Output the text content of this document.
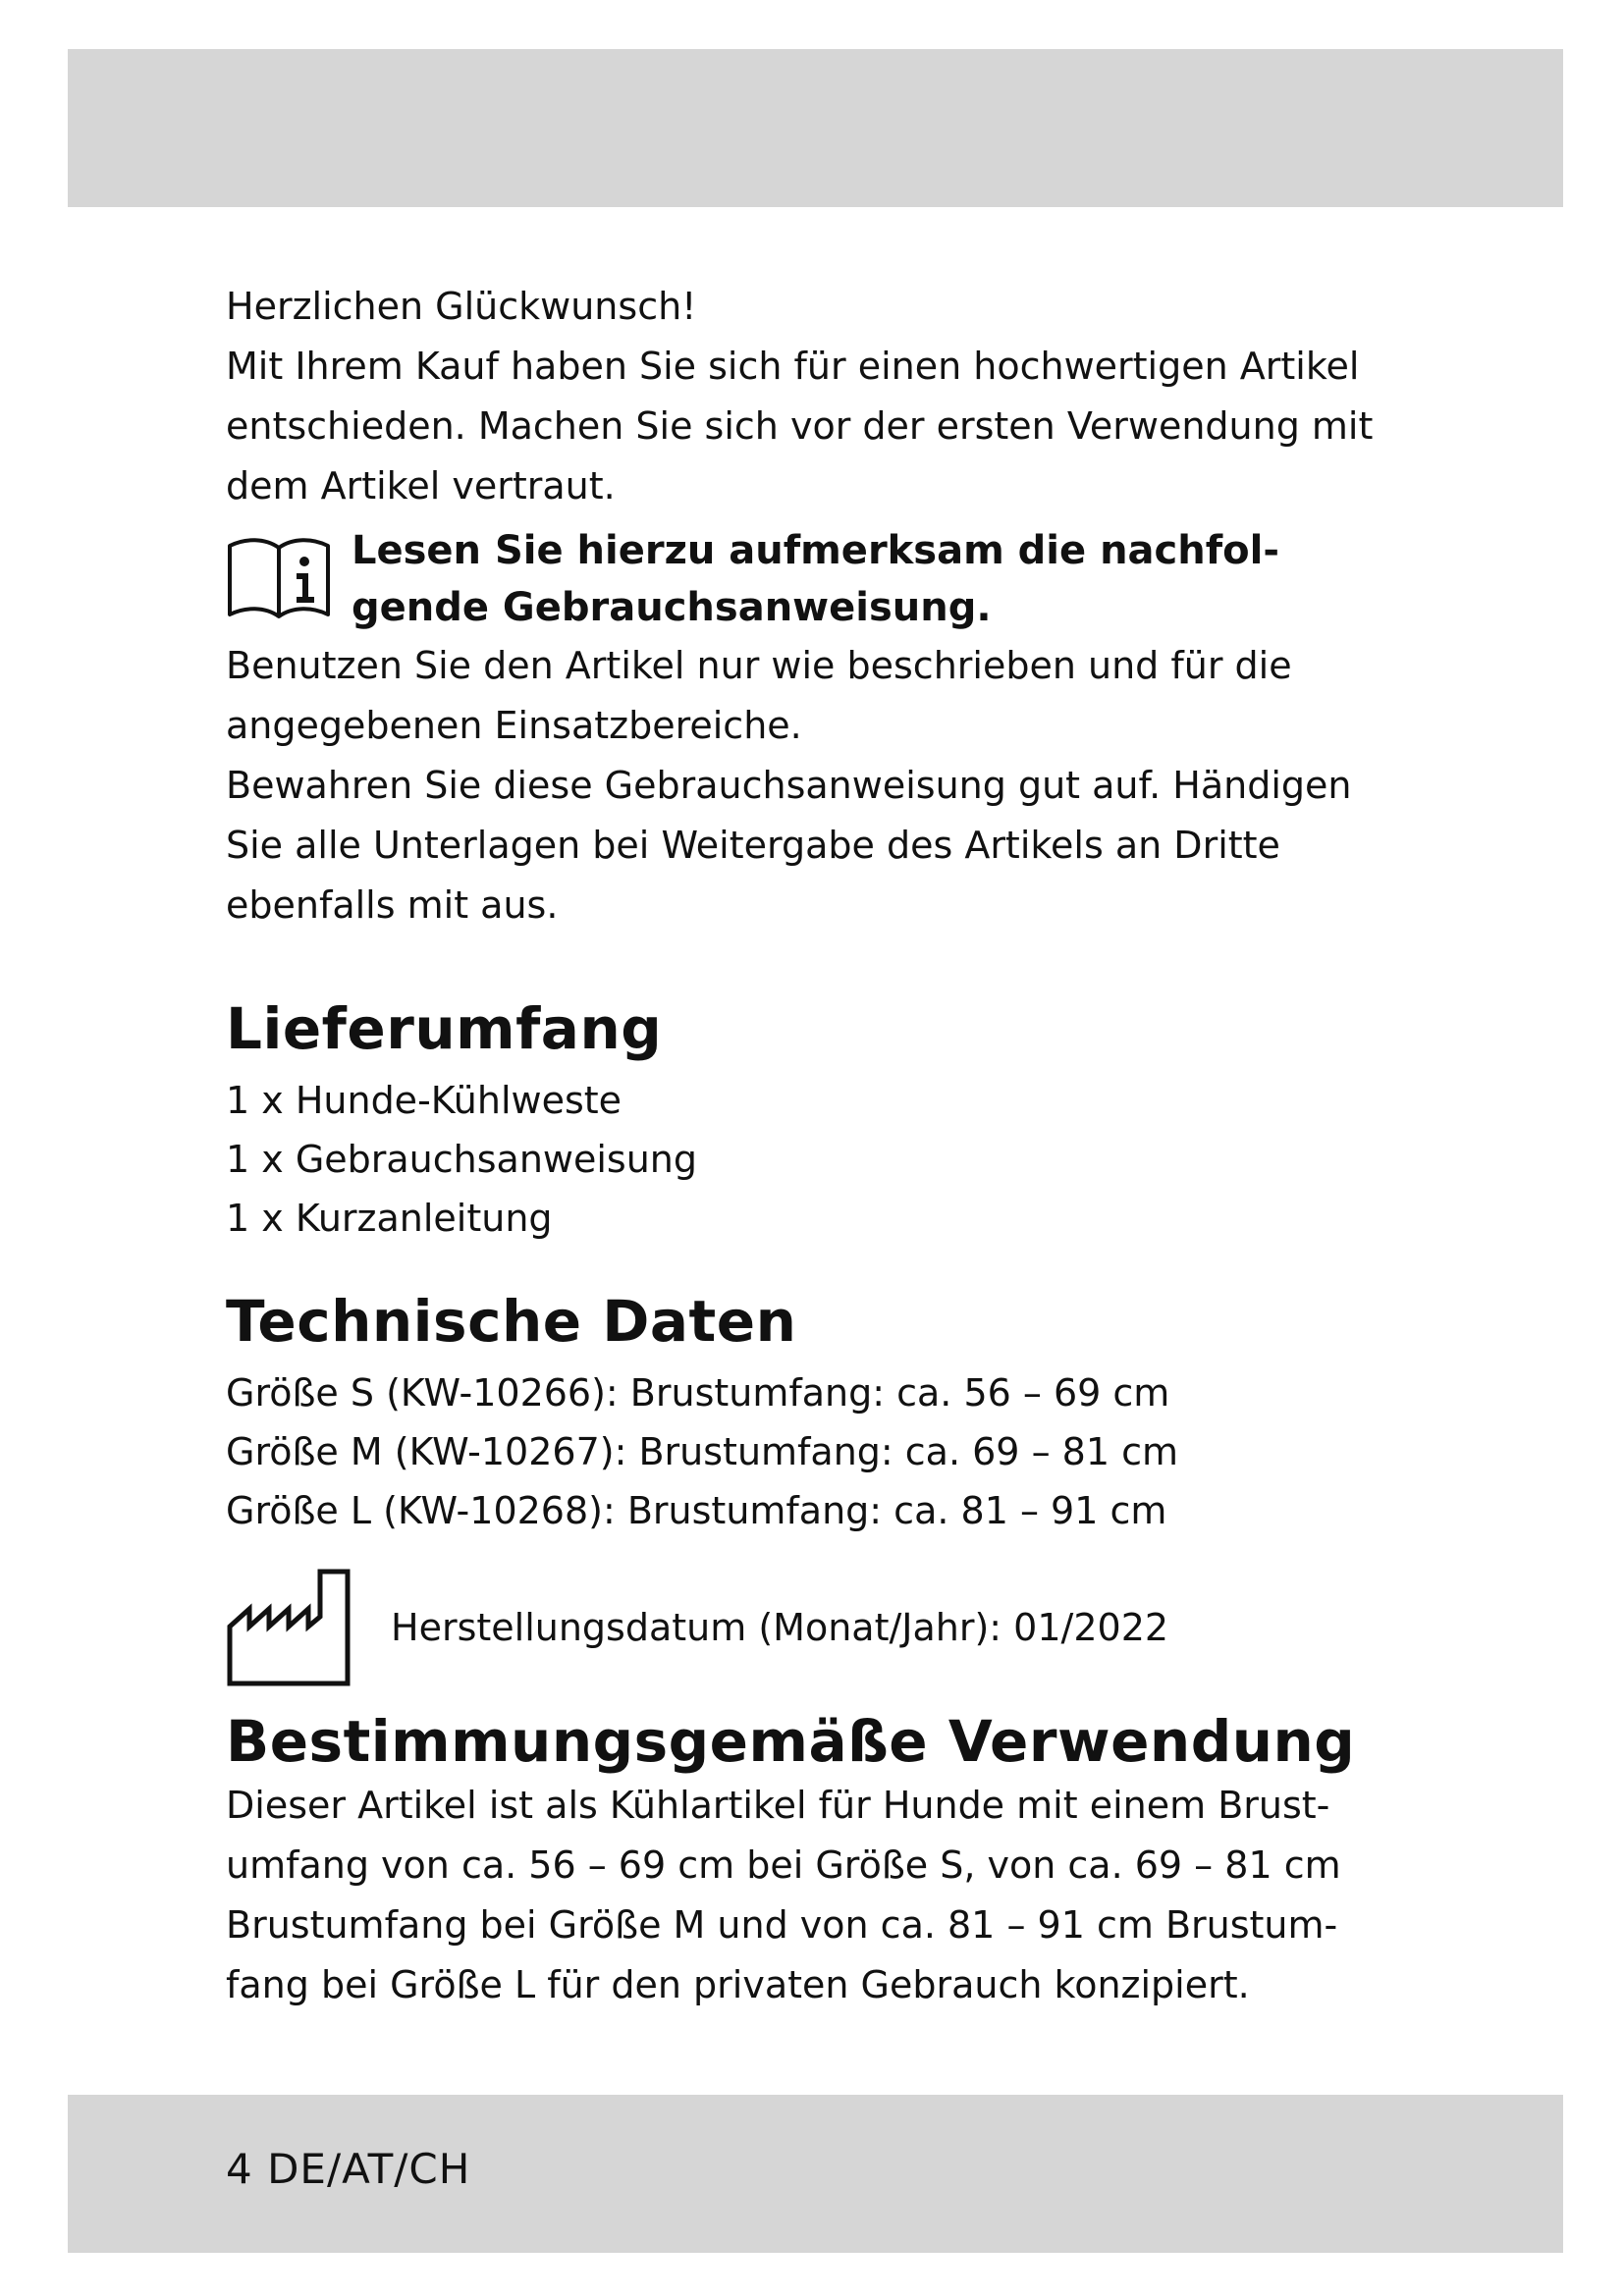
Herzlichen Glückwunsch!

Mit Ihrem Kauf haben Sie sich für einen hochwertigen Artikel

entschieden. Machen Sie sich vor der ersten Verwendung mit

dem Artikel vertraut.

Lesen Sie hierzu aufmerksam die nachfol-

gende Gebrauchsanweisung.

Benutzen Sie den Artikel nur wie beschrieben und für die

angegebenen Einsatzbereiche.

Bewahren Sie diese Gebrauchsanweisung gut auf. Händigen

Sie alle Unterlagen bei Weitergabe des Artikels an Dritte

ebenfalls mit aus.

Lieferumfang
1 x Hunde-Kühlweste
1 x Gebrauchsanweisung
1 x Kurzanleitung
Technische Daten
Größe S (KW-10266): Brustumfang: ca. 56 – 69 cm
Größe M (KW-10267): Brustumfang: ca. 69 – 81 cm
Größe L (KW-10268): Brustumfang: ca. 81 – 91 cm
Herstellungsdatum (Monat/Jahr): 01/2022
Bestimmungsgemäße Verwendung

Dieser Artikel ist als Kühlartikel für Hunde mit einem Brust-

umfang von ca. 56 – 69 cm bei Größe S, von ca. 69 – 81 cm

Brustumfang bei Größe M und von ca. 81 – 91 cm Brustum-

fang bei Größe L für den privaten Gebrauch konzipiert.

4 DE/AT/CH
